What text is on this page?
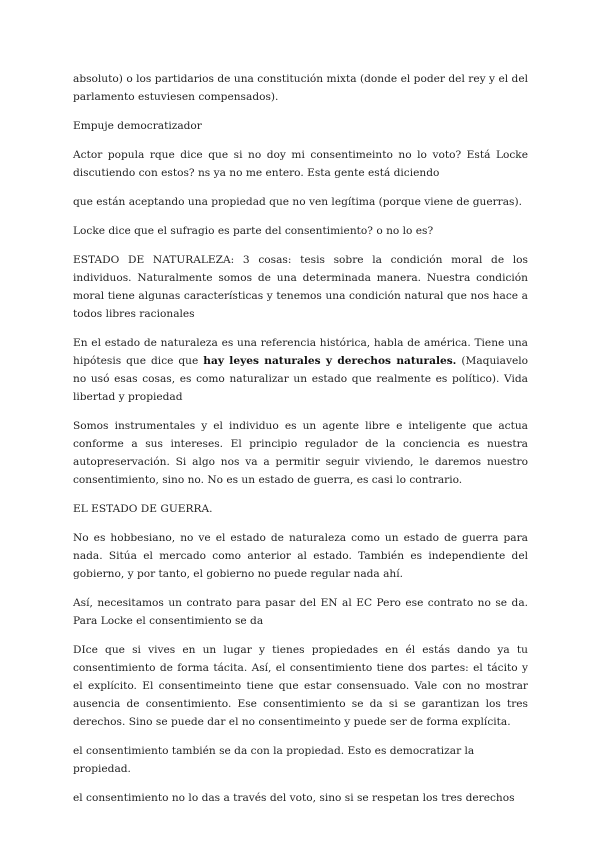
absoluto) o los partidarios de una constitución mixta (donde el poder del rey y el del parlamento estuviesen compensados).

Empuje democratizador

Actor popula rque dice que si no doy mi consentimeinto no lo voto? Está Locke discutiendo con estos? ns ya no me entero. Esta gente está diciendo

que están aceptando una propiedad que no ven legítima (porque viene de guerras).

Locke dice que el sufragio es parte del consentimiento? o no lo es?

ESTADO DE NATURALEZA: 3 cosas: tesis sobre la condición moral de los individuos. Naturalmente somos de una determinada manera. Nuestra condición moral tiene algunas características y tenemos una condición natural que nos hace a todos libres racionales

En el estado de naturaleza es una referencia histórica, habla de américa. Tiene una hipótesis que dice que hay leyes naturales y derechos naturales. (Maquiavelo no usó esas cosas, es como naturalizar un estado que realmente es político). Vida libertad y propiedad

Somos instrumentales y el individuo es un agente libre e inteligente que actua conforme a sus intereses. El principio regulador de la conciencia es nuestra autopreservación. Si algo nos va a permitir seguir viviendo, le daremos nuestro consentimiento, sino no. No es un estado de guerra, es casi lo contrario.

EL ESTADO DE GUERRA.

No es hobbesiano, no ve el estado de naturaleza como un estado de guerra para nada. Sitúa el mercado como anterior al estado. También es independiente del gobierno, y por tanto, el gobierno no puede regular nada ahí.

Así, necesitamos un contrato para pasar del EN al EC Pero ese contrato no se da. Para Locke el consentimiento se da

DIce que si vives en un lugar y tienes propiedades en él estás dando ya tu consentimiento de forma tácita. Así, el consentimiento tiene dos partes: el tácito y el explícito. El consentimeinto tiene que estar consensuado. Vale con no mostrar ausencia de consentimiento. Ese consentimiento se da si se garantizan los tres derechos. Sino se puede dar el no consentimeinto y puede ser de forma explícita.

el consentimiento también se da con la propiedad. Esto es democratizar la propiedad.

el consentimiento no lo das a través del voto, sino si se respetan los tres derechos
